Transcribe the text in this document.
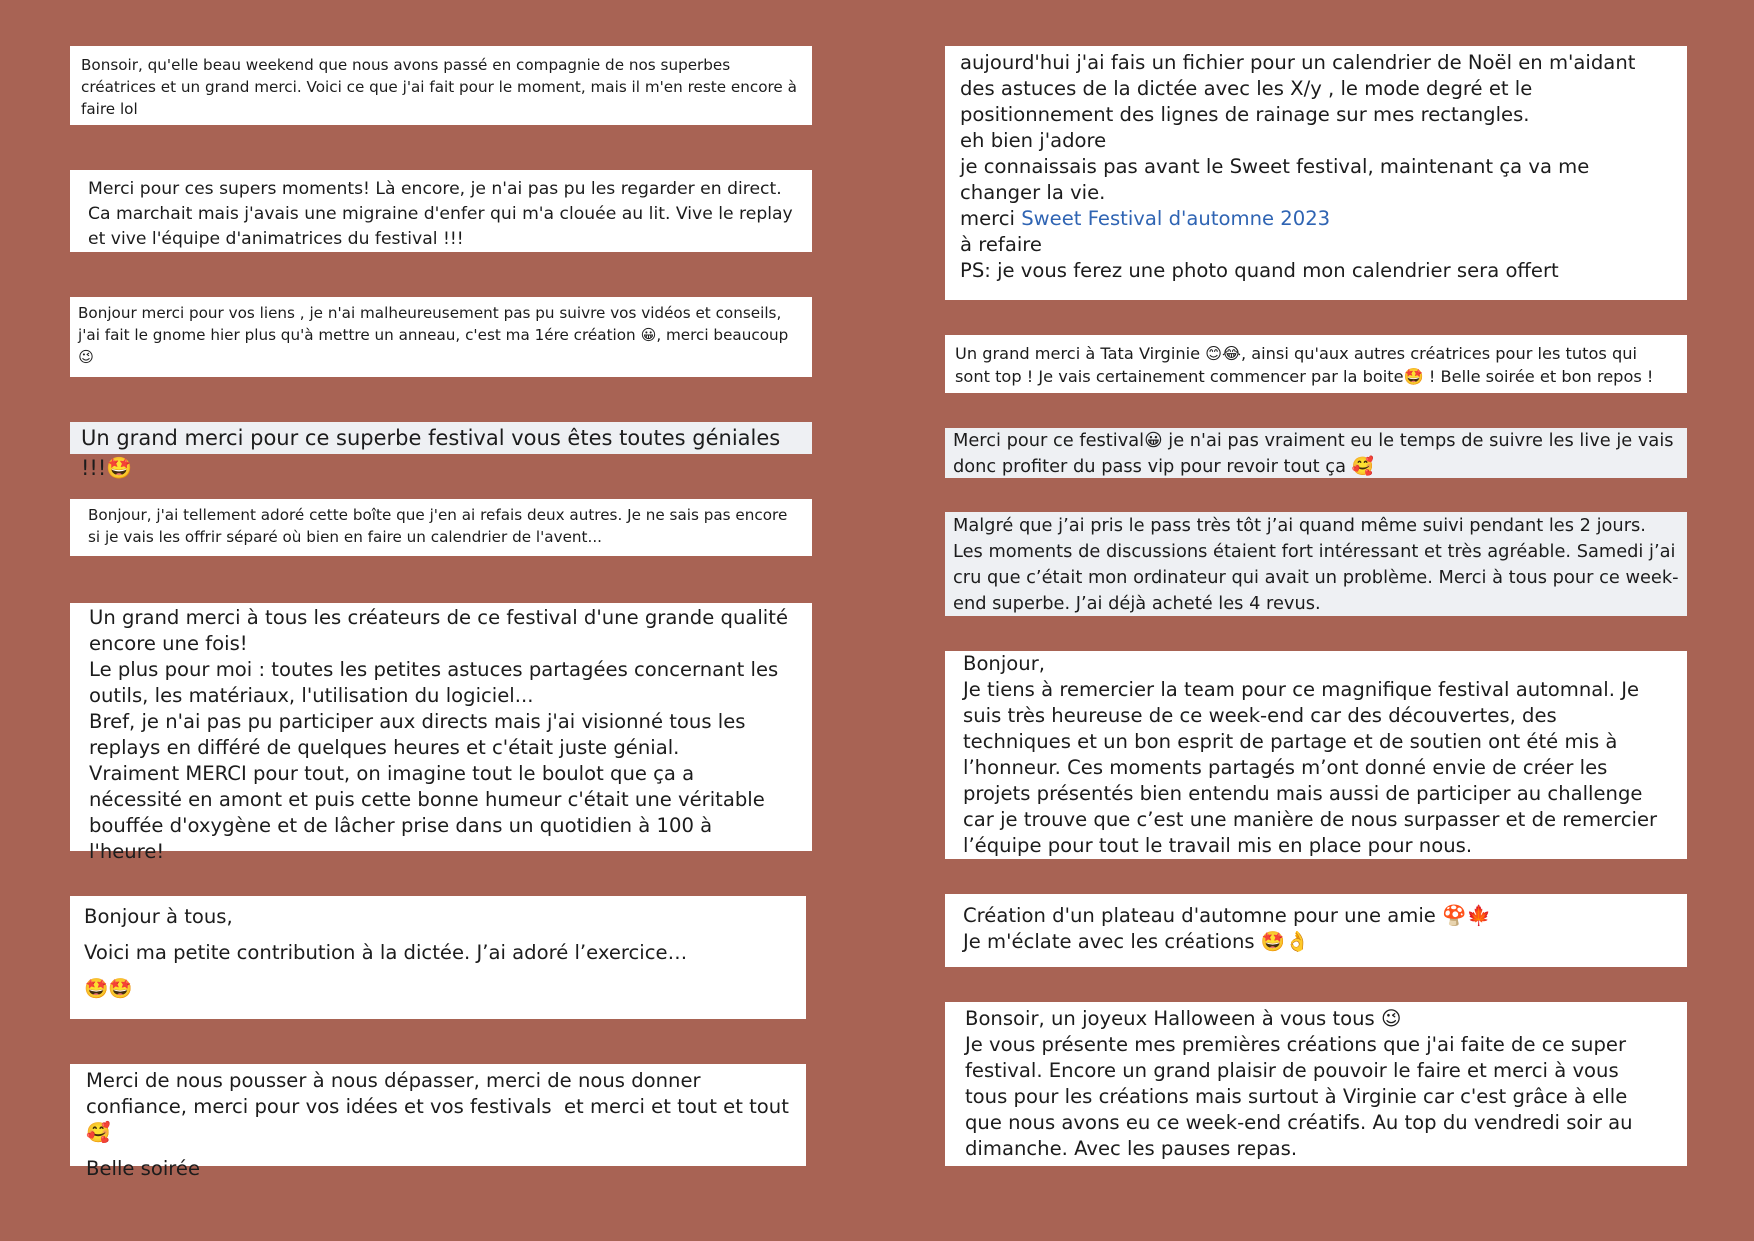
Bonsoir, qu'elle beau weekend que nous avons passé en compagnie de nos superbes créatrices et un grand merci. Voici ce que j'ai fait pour le moment, mais il m'en reste encore à faire lol

Merci pour ces supers moments! Là encore, je n'ai pas pu les regarder en direct. Ca marchait mais j'avais une migraine d'enfer qui m'a clouée au lit. Vive le replay et vive l'équipe d'animatrices du festival !!!

Bonjour merci pour vos liens , je n'ai malheureusement pas pu suivre vos vidéos et conseils, j'ai fait le gnome hier plus qu'à mettre un anneau, c'est ma 1ére création 😀, merci beaucoup 😉

Un grand merci pour ce superbe festival vous êtes toutes géniales !!!🤩

Bonjour, j'ai tellement adoré cette boîte que j'en ai refais deux autres. Je ne sais pas encore si je vais les offrir séparé où bien en faire un calendrier de l'avent...

Un grand merci à tous les créateurs de ce festival d'une grande qualité encore une fois!
Le plus pour moi : toutes les petites astuces partagées concernant les outils, les matériaux, l'utilisation du logiciel...
Bref, je n'ai pas pu participer aux directs mais j'ai visionné tous les replays en différé de quelques heures et c'était juste génial.
Vraiment MERCI pour tout, on imagine tout le boulot que ça a nécessité en amont et puis cette bonne humeur c'était une véritable bouffée d'oxygène et de lâcher prise dans un quotidien à 100 à l'heure!

Bonjour à tous,

Voici ma petite contribution à la dictée. J’ai adoré l’exercice…

🤩🤩

Merci de nous pousser à nous dépasser, merci de nous donner confiance, merci pour vos idées et vos festivals  et merci et tout et tout 🥰

Belle soirée

aujourd'hui j'ai fais un fichier pour un calendrier de Noël en m'aidant des astuces de la dictée avec les X/y , le mode degré et le positionnement des lignes de rainage sur mes rectangles.
eh bien j'adore
je connaissais pas avant le Sweet festival, maintenant ça va me changer la vie.
merci Sweet Festival d'automne 2023
à refaire
PS: je vous ferez une photo quand mon calendrier sera offert

Un grand merci à Tata Virginie 😊😂, ainsi qu'aux autres créatrices pour les tutos qui sont top ! Je vais certainement commencer par la boite🤩 ! Belle soirée et bon repos !

Merci pour ce festival😀 je n'ai pas vraiment eu le temps de suivre les live je vais donc profiter du pass vip pour revoir tout ça 🥰

Malgré que j’ai pris le pass très tôt j’ai quand même suivi pendant les 2 jours. Les moments de discussions étaient fort intéressant et très agréable. Samedi j’ai cru que c’était mon ordinateur qui avait un problème. Merci à tous pour ce week-end superbe. J’ai déjà acheté les 4 revus.

Bonjour,
Je tiens à remercier la team pour ce magnifique festival automnal. Je suis très heureuse de ce week-end car des découvertes, des techniques et un bon esprit de partage et de soutien ont été mis à l’honneur. Ces moments partagés m’ont donné envie de créer les projets présentés bien entendu mais aussi de participer au challenge car je trouve que c’est une manière de nous surpasser et de remercier l’équipe pour tout le travail mis en place pour nous.

Création d'un plateau d'automne pour une amie 🍄🍁
Je m'éclate avec les créations 🤩👌

Bonsoir, un joyeux Halloween à vous tous 😉
Je vous présente mes premières créations que j'ai faite de ce super festival. Encore un grand plaisir de pouvoir le faire et merci à vous tous pour les créations mais surtout à Virginie car c'est grâce à elle que nous avons eu ce week-end créatifs. Au top du vendredi soir au dimanche. Avec les pauses repas.
